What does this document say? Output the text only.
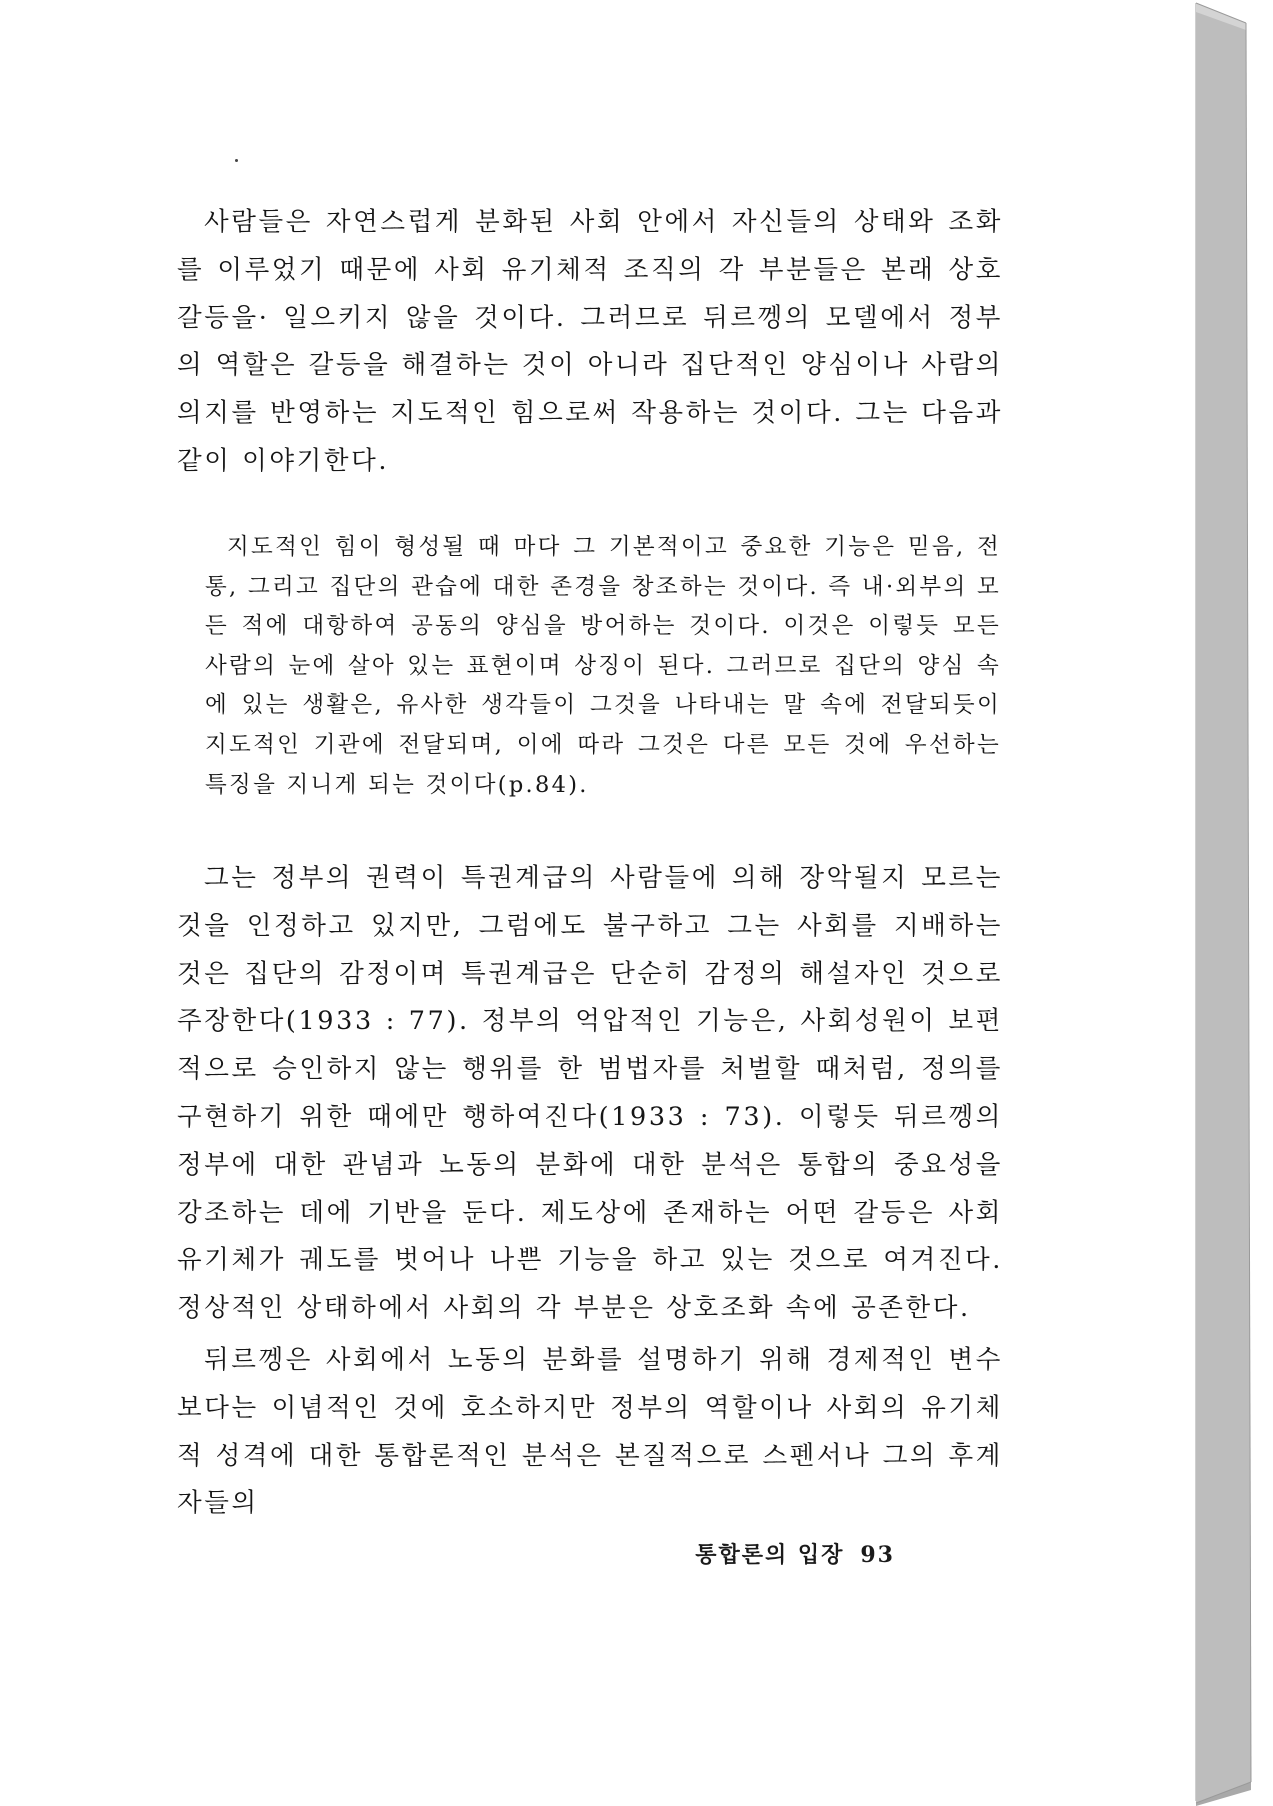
사람들은 자연스럽게 분화된 사회 안에서 자신들의 상태와 조화를 이루었기 때문에 사회 유기체적 조직의 각 부분들은 본래 상호 갈등을· 일으키지 않을 것이다. 그러므로 뒤르껭의 모델에서 정부의 역할은 갈등을 해결하는 것이 아니라 집단적인 양심이나 사람의 의지를 반영하는 지도적인 힘으로써 작용하는 것이다. 그는 다음과 같이 이야기한다.

지도적인 힘이 형성될 때 마다 그 기본적이고 중요한 기능은 믿음, 전통, 그리고 집단의 관습에 대한 존경을 창조하는 것이다. 즉 내·외부의 모든 적에 대항하여 공동의 양심을 방어하는 것이다. 이것은 이렇듯 모든 사람의 눈에 살아 있는 표현이며 상징이 된다. 그러므로 집단의 양심 속에 있는 생활은, 유사한 생각들이 그것을 나타내는 말 속에 전달되듯이 지도적인 기관에 전달되며, 이에 따라 그것은 다른 모든 것에 우선하는 특징을 지니게 되는 것이다(p.84).

그는 정부의 권력이 특권계급의 사람들에 의해 장악될지 모르는 것을 인정하고 있지만, 그럼에도 불구하고 그는 사회를 지배하는 것은 집단의 감정이며 특권계급은 단순히 감정의 해설자인 것으로 주장한다(1933 : 77). 정부의 억압적인 기능은, 사회성원이 보편적으로 승인하지 않는 행위를 한 범법자를 처벌할 때처럼, 정의를 구현하기 위한 때에만 행하여진다(1933 : 73). 이렇듯 뒤르껭의 정부에 대한 관념과 노동의 분화에 대한 분석은 통합의 중요성을 강조하는 데에 기반을 둔다. 제도상에 존재하는 어떤 갈등은 사회유기체가 궤도를 벗어나 나쁜 기능을 하고 있는 것으로 여겨진다. 정상적인 상태하에서 사회의 각 부분은 상호조화 속에 공존한다.

뒤르껭은 사회에서 노동의 분화를 설명하기 위해 경제적인 변수보다는 이념적인 것에 호소하지만 정부의 역할이나 사회의 유기체적 성격에 대한 통합론적인 분석은 본질적으로 스펜서나 그의 후계자들의

통합론의 입장 93
